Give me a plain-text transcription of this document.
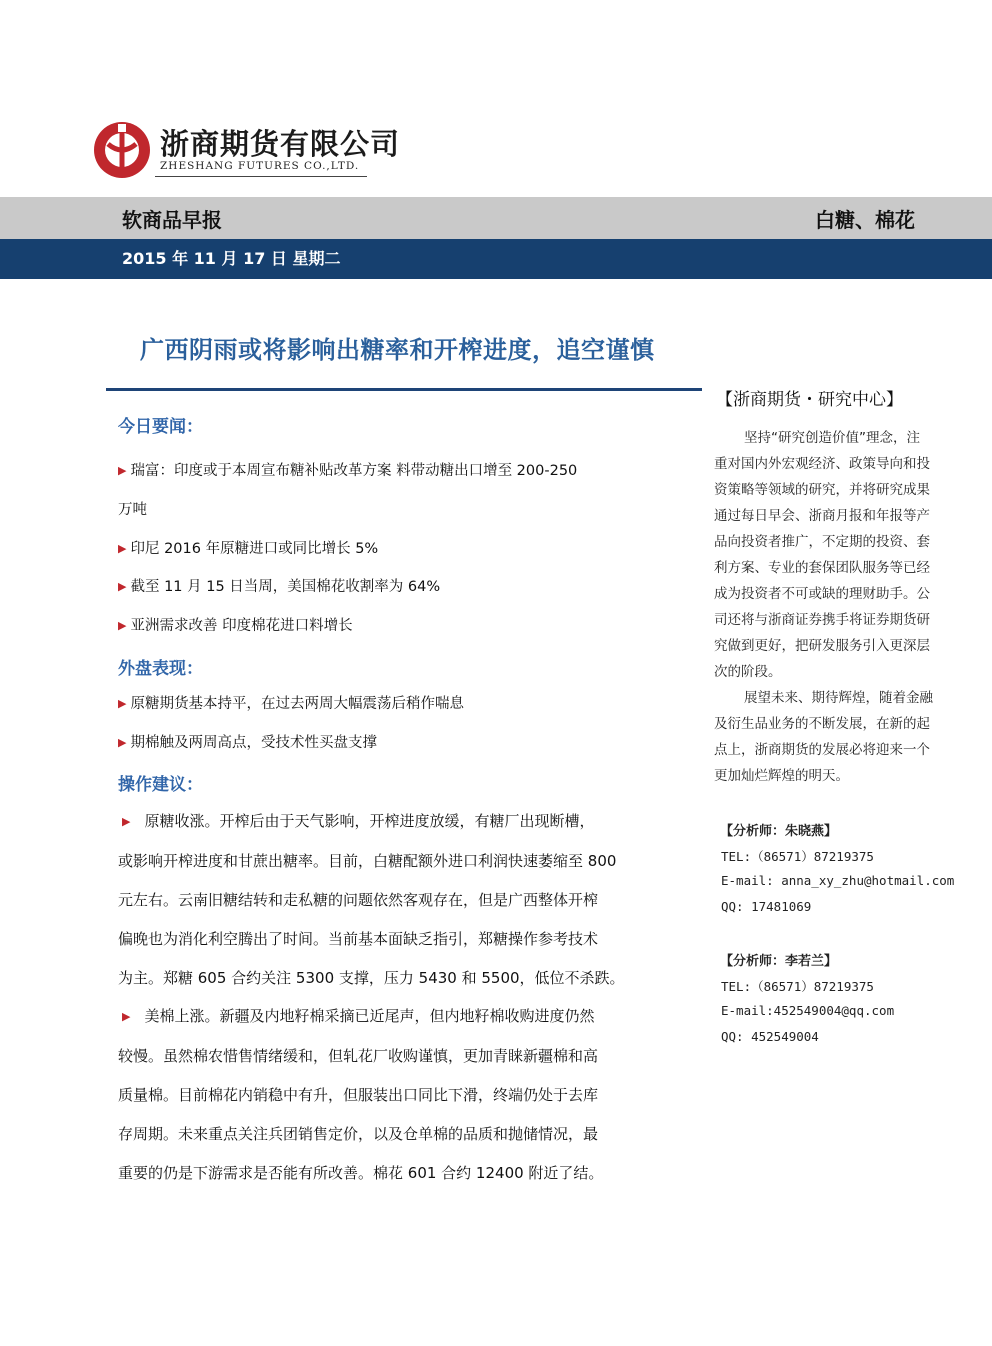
浙商期货有限公司
ZHESHANG FUTURES CO.,LTD.
软商品早报	白糖、棉花
2015 年 11 月 17 日 星期二
广西阴雨或将影响出糖率和开榨进度，追空谨慎
今日要闻：
▶ 瑞富：印度或于本周宣布糖补贴改革方案 料带动糖出口增至 200-250
万吨
▶ 印尼 2016 年原糖进口或同比增长 5%
▶ 截至 11 月 15 日当周，美国棉花收割率为 64%
▶ 亚洲需求改善 印度棉花进口料增长
外盘表现：
▶ 原糖期货基本持平，在过去两周大幅震荡后稍作喘息
▶ 期棉触及两周高点，受技术性买盘支撑
操作建议：
▶ 原糖收涨。开榨后由于天气影响，开榨进度放缓，有糖厂出现断槽，
或影响开榨进度和甘蔗出糖率。目前，白糖配额外进口利润快速萎缩至 800
元左右。云南旧糖结转和走私糖的问题依然客观存在，但是广西整体开榨
偏晚也为消化利空腾出了时间。当前基本面缺乏指引，郑糖操作参考技术
为主。郑糖 605 合约关注 5300 支撑，压力 5430 和 5500，低位不杀跌。
▶ 美棉上涨。新疆及内地籽棉采摘已近尾声，但内地籽棉收购进度仍然
较慢。虽然棉农惜售情绪缓和，但轧花厂收购谨慎，更加青睐新疆棉和高
质量棉。目前棉花内销稳中有升，但服装出口同比下滑，终端仍处于去库
存周期。未来重点关注兵团销售定价，以及仓单棉的品质和抛储情况，最
重要的仍是下游需求是否能有所改善。棉花 601 合约 12400 附近了结。
【浙商期货・研究中心】
坚持“研究创造价值”理念，注
重对国内外宏观经济、政策导向和投
资策略等领域的研究，并将研究成果
通过每日早会、浙商月报和年报等产
品向投资者推广，不定期的投资、套
利方案、专业的套保团队服务等已经
成为投资者不可或缺的理财助手。公
司还将与浙商证券携手将证券期货研
究做到更好，把研发服务引入更深层
次的阶段。
展望未来、期待辉煌，随着金融
及衍生品业务的不断发展，在新的起
点上，浙商期货的发展必将迎来一个
更加灿烂辉煌的明天。
【分析师：朱晓燕】
TEL:（86571）87219375
E-mail: anna_xy_zhu@hotmail.com
QQ: 17481069
【分析师：李若兰】
TEL:（86571）87219375
E-mail:452549004@qq.com
QQ: 452549004
